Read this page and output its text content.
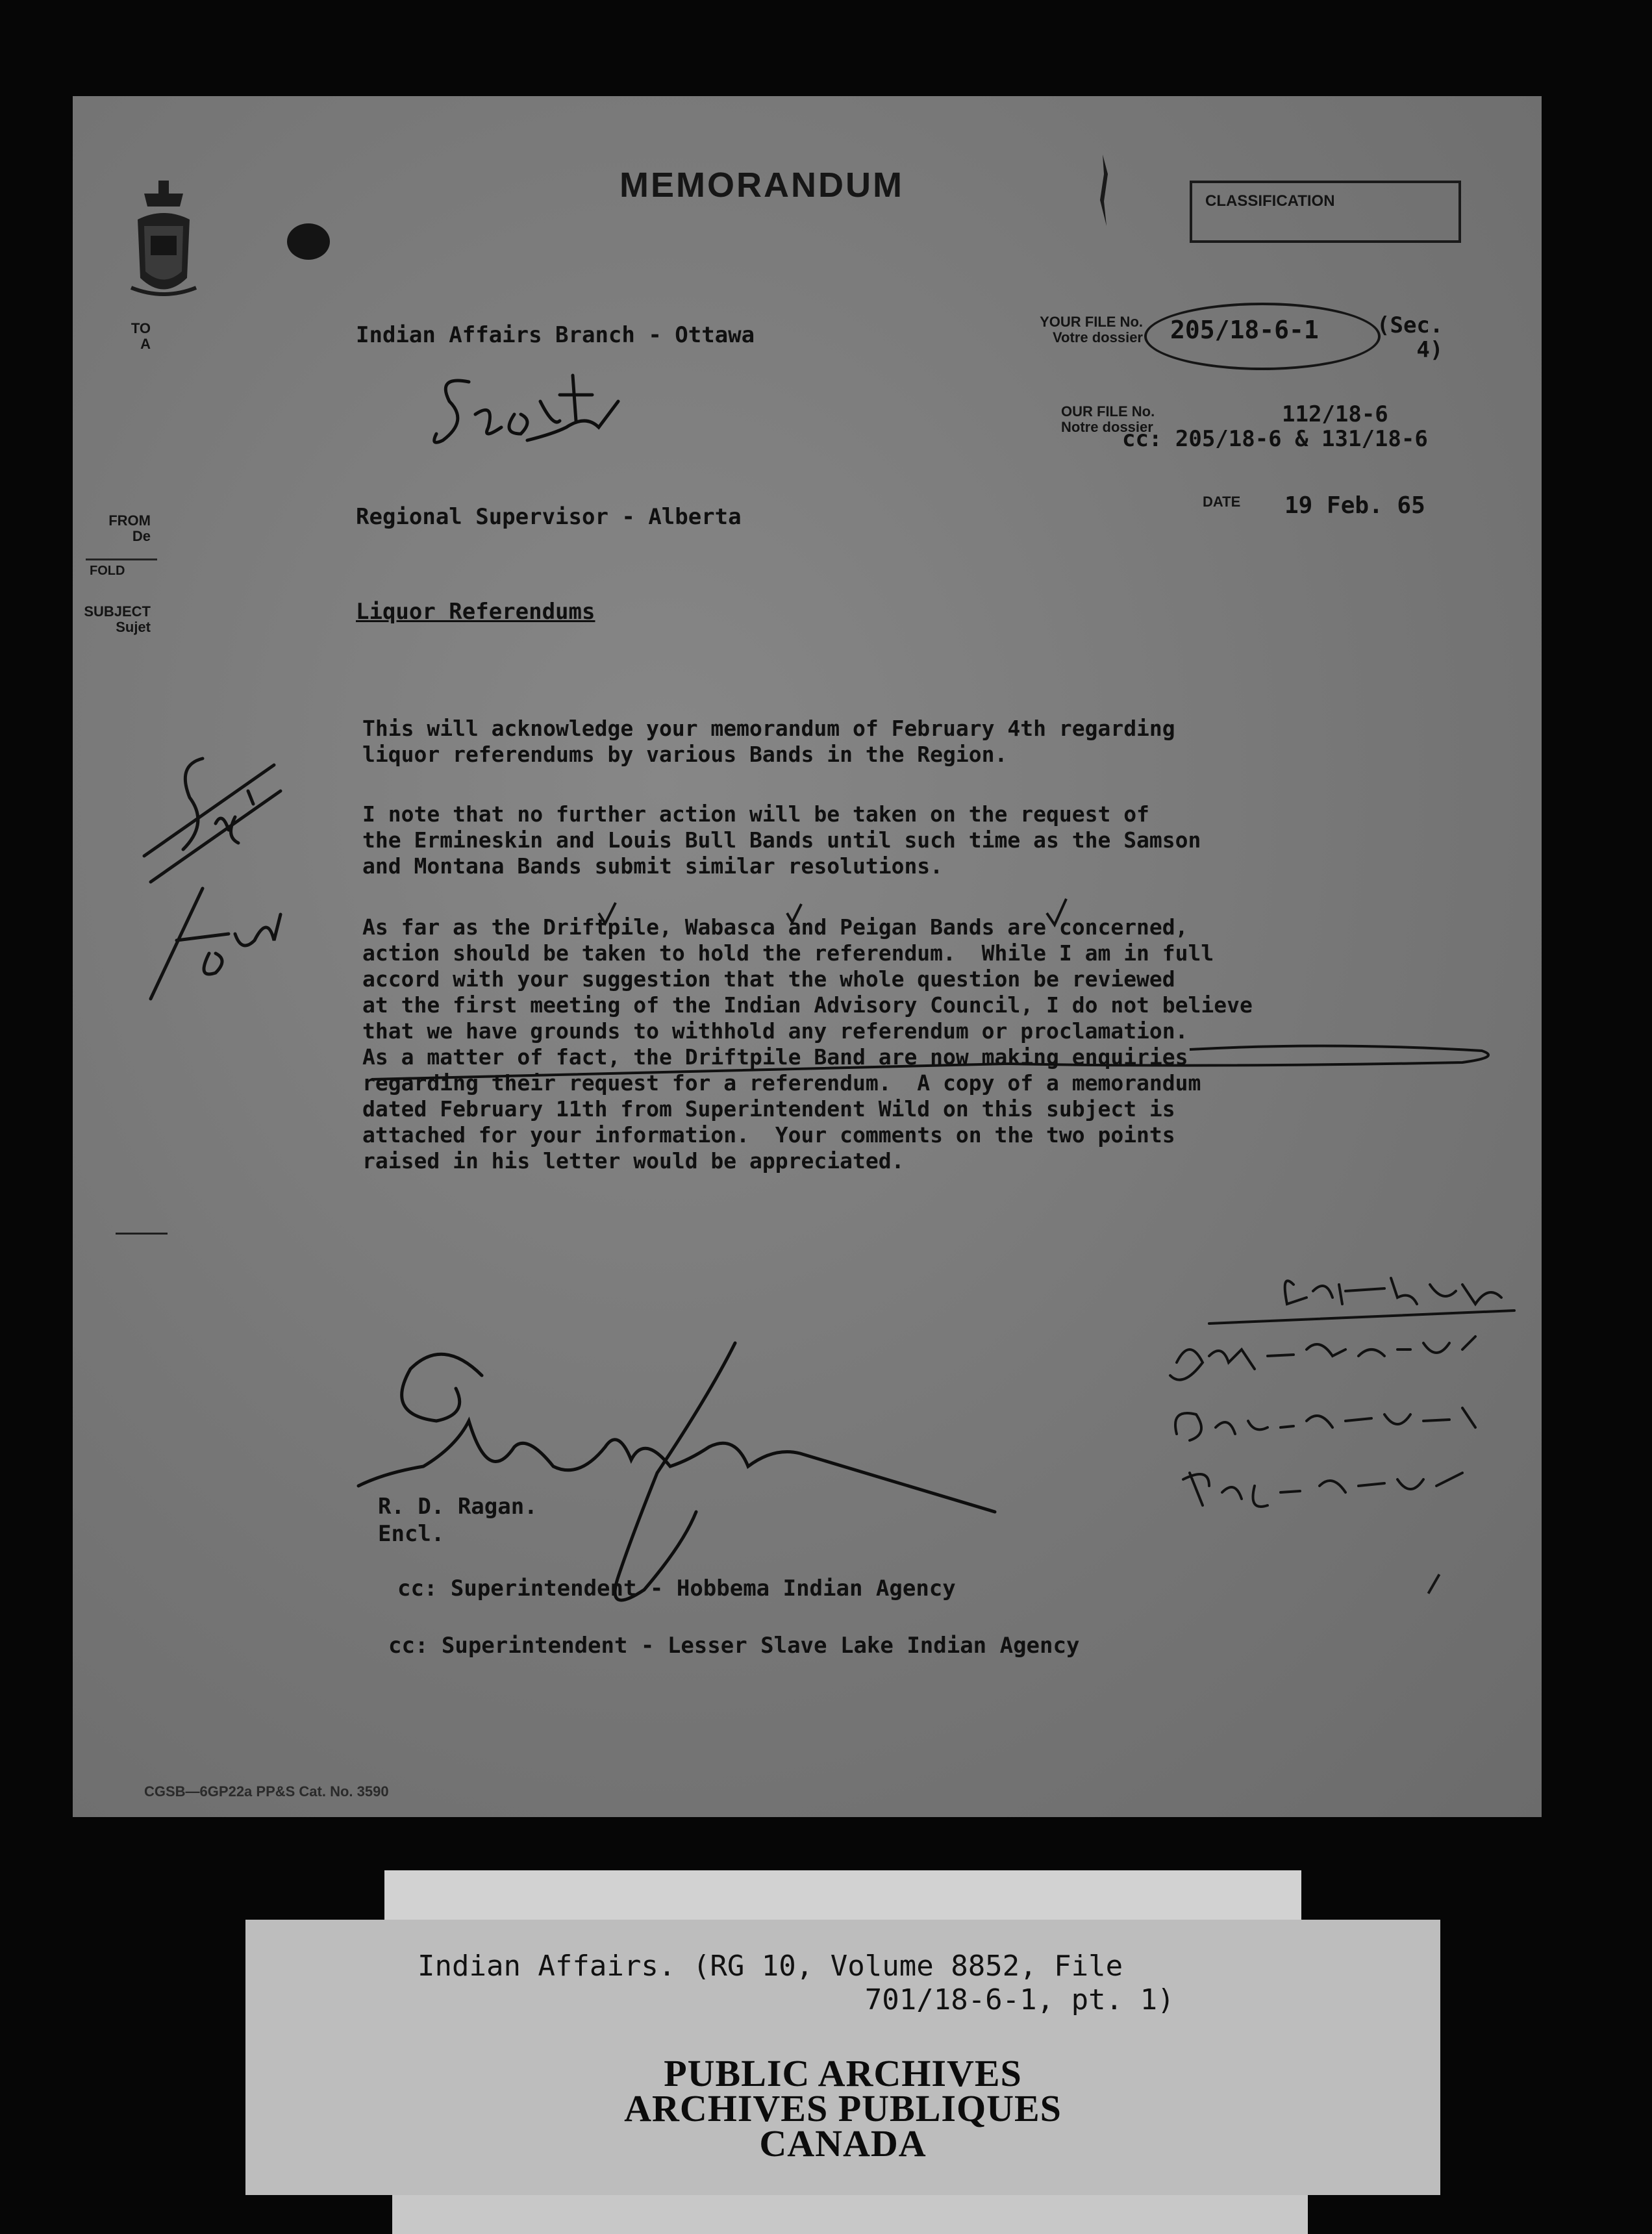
MEMORANDUM	CLASSIFICATION
TO
A
FROM
De
FOLD
SUBJECT
Sujet
Indian Affairs Branch - Ottawa
Regional Supervisor - Alberta
Liquor Referendums
YOUR FILE No.
Votre dossier 205/18-6-1	(Sec.
4)
OUR FILE No.
Notre dossier	112/18-6
cc: 205/18-6 & 131/18-6
DATE 19 Feb. 65
This will acknowledge your memorandum of February 4th regarding
liquor referendums by various Bands in the Region.
I note that no further action will be taken on the request of
the Ermineskin and Louis Bull Bands until such time as the Samson
and Montana Bands submit similar resolutions.
As far as the Driftpile, Wabasca and Peigan Bands are concerned,
action should be taken to hold the referendum.  While I am in full
accord with your suggestion that the whole question be reviewed
at the first meeting of the Indian Advisory Council, I do not believe
that we have grounds to withhold any referendum or proclamation.
As a matter of fact, the Driftpile Band are now making enquiries
regarding their request for a referendum.  A copy of a memorandum
dated February 11th from Superintendent Wild on this subject is
attached for your information.  Your comments on the two points
raised in his letter would be appreciated.
R. D. Ragan.
Encl.
cc: Superintendent - Hobbema Indian Agency
cc: Superintendent - Lesser Slave Lake Indian Agency
CGSB—6GP22a PP&S Cat. No. 3590
Indian Affairs. (RG 10, Volume 8852, File
701/18-6-1, pt. 1)
PUBLIC ARCHIVES
ARCHIVES PUBLIQUES
CANADA
